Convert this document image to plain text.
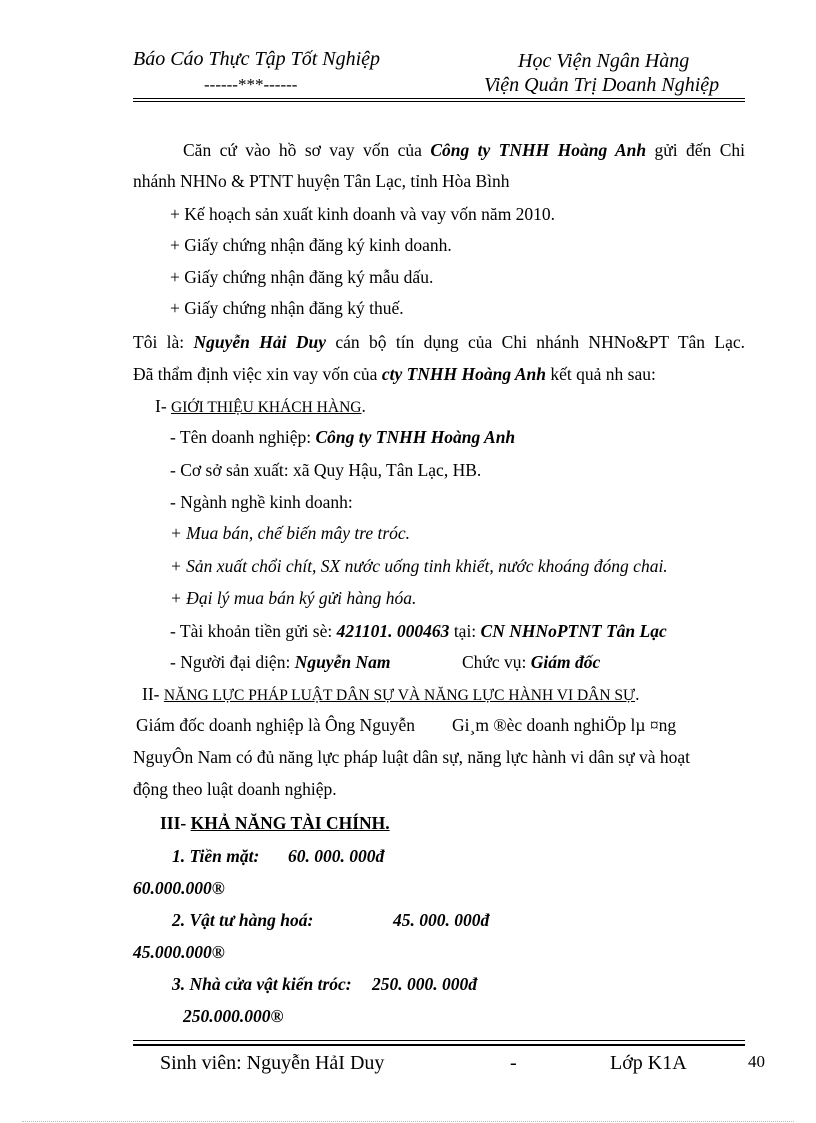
Báo Cáo Thực Tập Tốt Nghiệp
------***------
Học Viện Ngân Hàng
Viện Quản Trị Doanh Nghiệp
Căn cứ vào hồ sơ vay vốn của Công ty TNHH Hoàng Anh gửi đến Chi
nhánh NHNo & PTNT huyện Tân Lạc, tỉnh Hòa Bình
+ Kế hoạch sản xuất kinh doanh và vay vốn năm 2010.
+ Giấy chứng nhận đăng ký kinh doanh.
+ Giấy chứng nhận đăng ký mẫu dấu.
+ Giấy chứng nhận đăng ký thuế.
Tôi là: Nguyễn Hải Duy cán bộ tín dụng của Chi nhánh NHNo&PT Tân Lạc.
Đã thẩm định việc xin vay vốn của cty TNHH Hoàng Anh kết quả nh sau:
I- GIỚI THIỆU KHÁCH HÀNG.
- Tên doanh nghiệp: Công ty TNHH Hoàng Anh
- Cơ sở sản xuất: xã Quy Hậu, Tân Lạc, HB.
- Ngành nghề kinh doanh:
+ Mua bán, chế biến mây tre tróc.
+ Sản xuất chổi chít, SX nước uống tinh khiết, nước khoáng đóng chai.
+ Đại lý mua bán ký gửi hàng hóa.
- Tài khoản tiền gửi sè: 421101. 000463 tại: CN NHNoPTNT Tân Lạc
- Người đại diện: Nguyễn Nam	Chức vụ: Giám đốc
II- NĂNG LỰC PHÁP LUẬT DÂN SỰ VÀ NĂNG LỰC HÀNH VI DÂN SỰ.
Giám đốc doanh nghiệp là Ông Nguyễn Gi¸m ®èc doanh nghiÖp lµ ¤ng
NguyÔn Nam có đủ năng lực pháp luật dân sự, năng lực hành vi dân sự và hoạt
động theo luật doanh nghiệp.
III- KHẢ NĂNG TÀI CHÍNH.
1. Tiền mặt: 60. 000. 000đ
60.000.000®
2. Vật tư hàng hoá:	45. 000. 000đ
45.000.000®
3. Nhà cửa vật kiến tróc: 250. 000. 000đ
250.000.000®
Sinh viên: Nguyễn HảI Duy	-	Lớp K1A	40
